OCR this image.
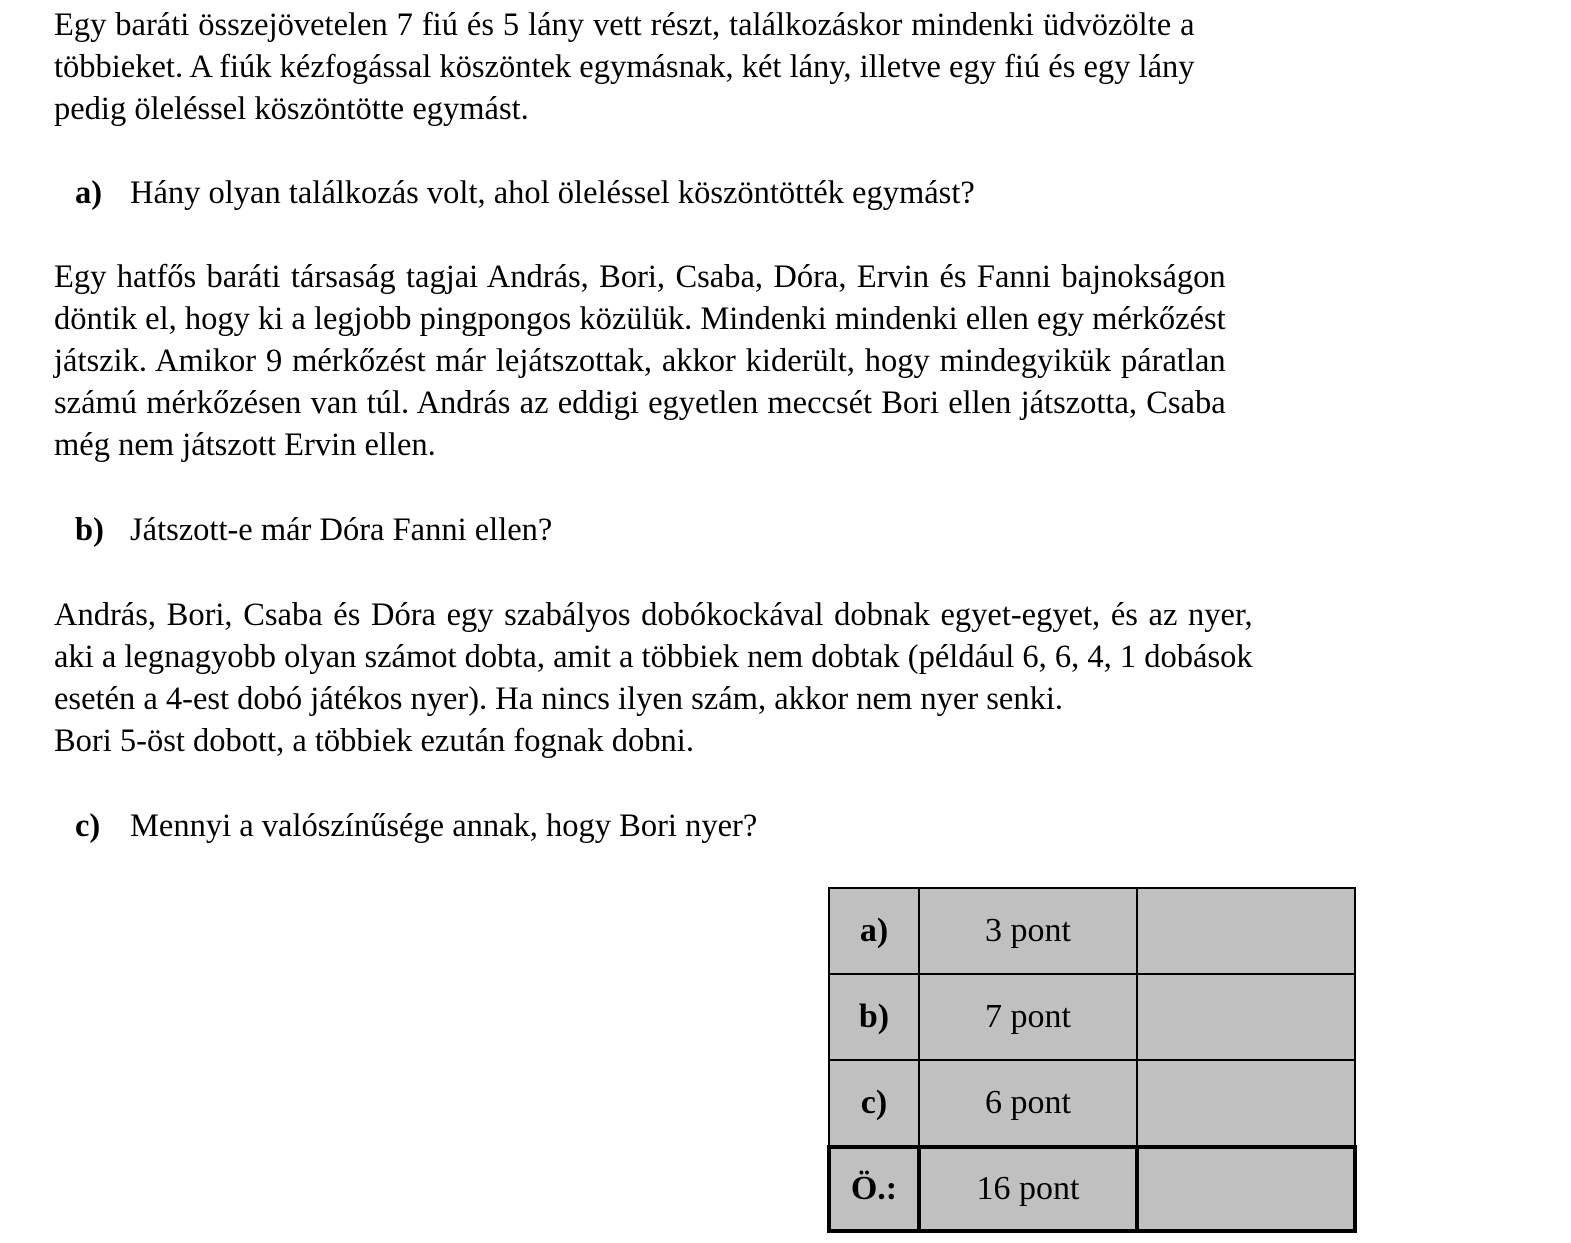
Egy baráti összejövetelen 7 fiú és 5 lány vett részt, találkozáskor mindenki üdvözölte a
többieket. A fiúk kézfogással köszöntek egymásnak, két lány, illetve egy fiú és egy lány
pedig öleléssel köszöntötte egymást.

a) Hány olyan találkozás volt, ahol öleléssel köszöntötték egymást?

Egy hatfős baráti társaság tagjai András, Bori, Csaba, Dóra, Ervin és Fanni bajnokságon
döntik el, hogy ki a legjobb pingpongos közülük. Mindenki mindenki ellen egy mérkőzést
játszik. Amikor 9 mérkőzést már lejátszottak, akkor kiderült, hogy mindegyikük páratlan
számú mérkőzésen van túl. András az eddigi egyetlen meccsét Bori ellen játszotta, Csaba
még nem játszott Ervin ellen.

b) Játszott-e már Dóra Fanni ellen?

András, Bori, Csaba és Dóra egy szabályos dobókockával dobnak egyet-egyet, és az nyer,
aki a legnagyobb olyan számot dobta, amit a többiek nem dobtak (például 6, 6, 4, 1 dobások
esetén a 4-est dobó játékos nyer). Ha nincs ilyen szám, akkor nem nyer senki.
Bori 5-öst dobott, a többiek ezután fognak dobni.

c) Mennyi a valószínűsége annak, hogy Bori nyer?

a)	3 pont	
b)	7 pont	
c)	6 pont	
Ö.:	16 pont	
